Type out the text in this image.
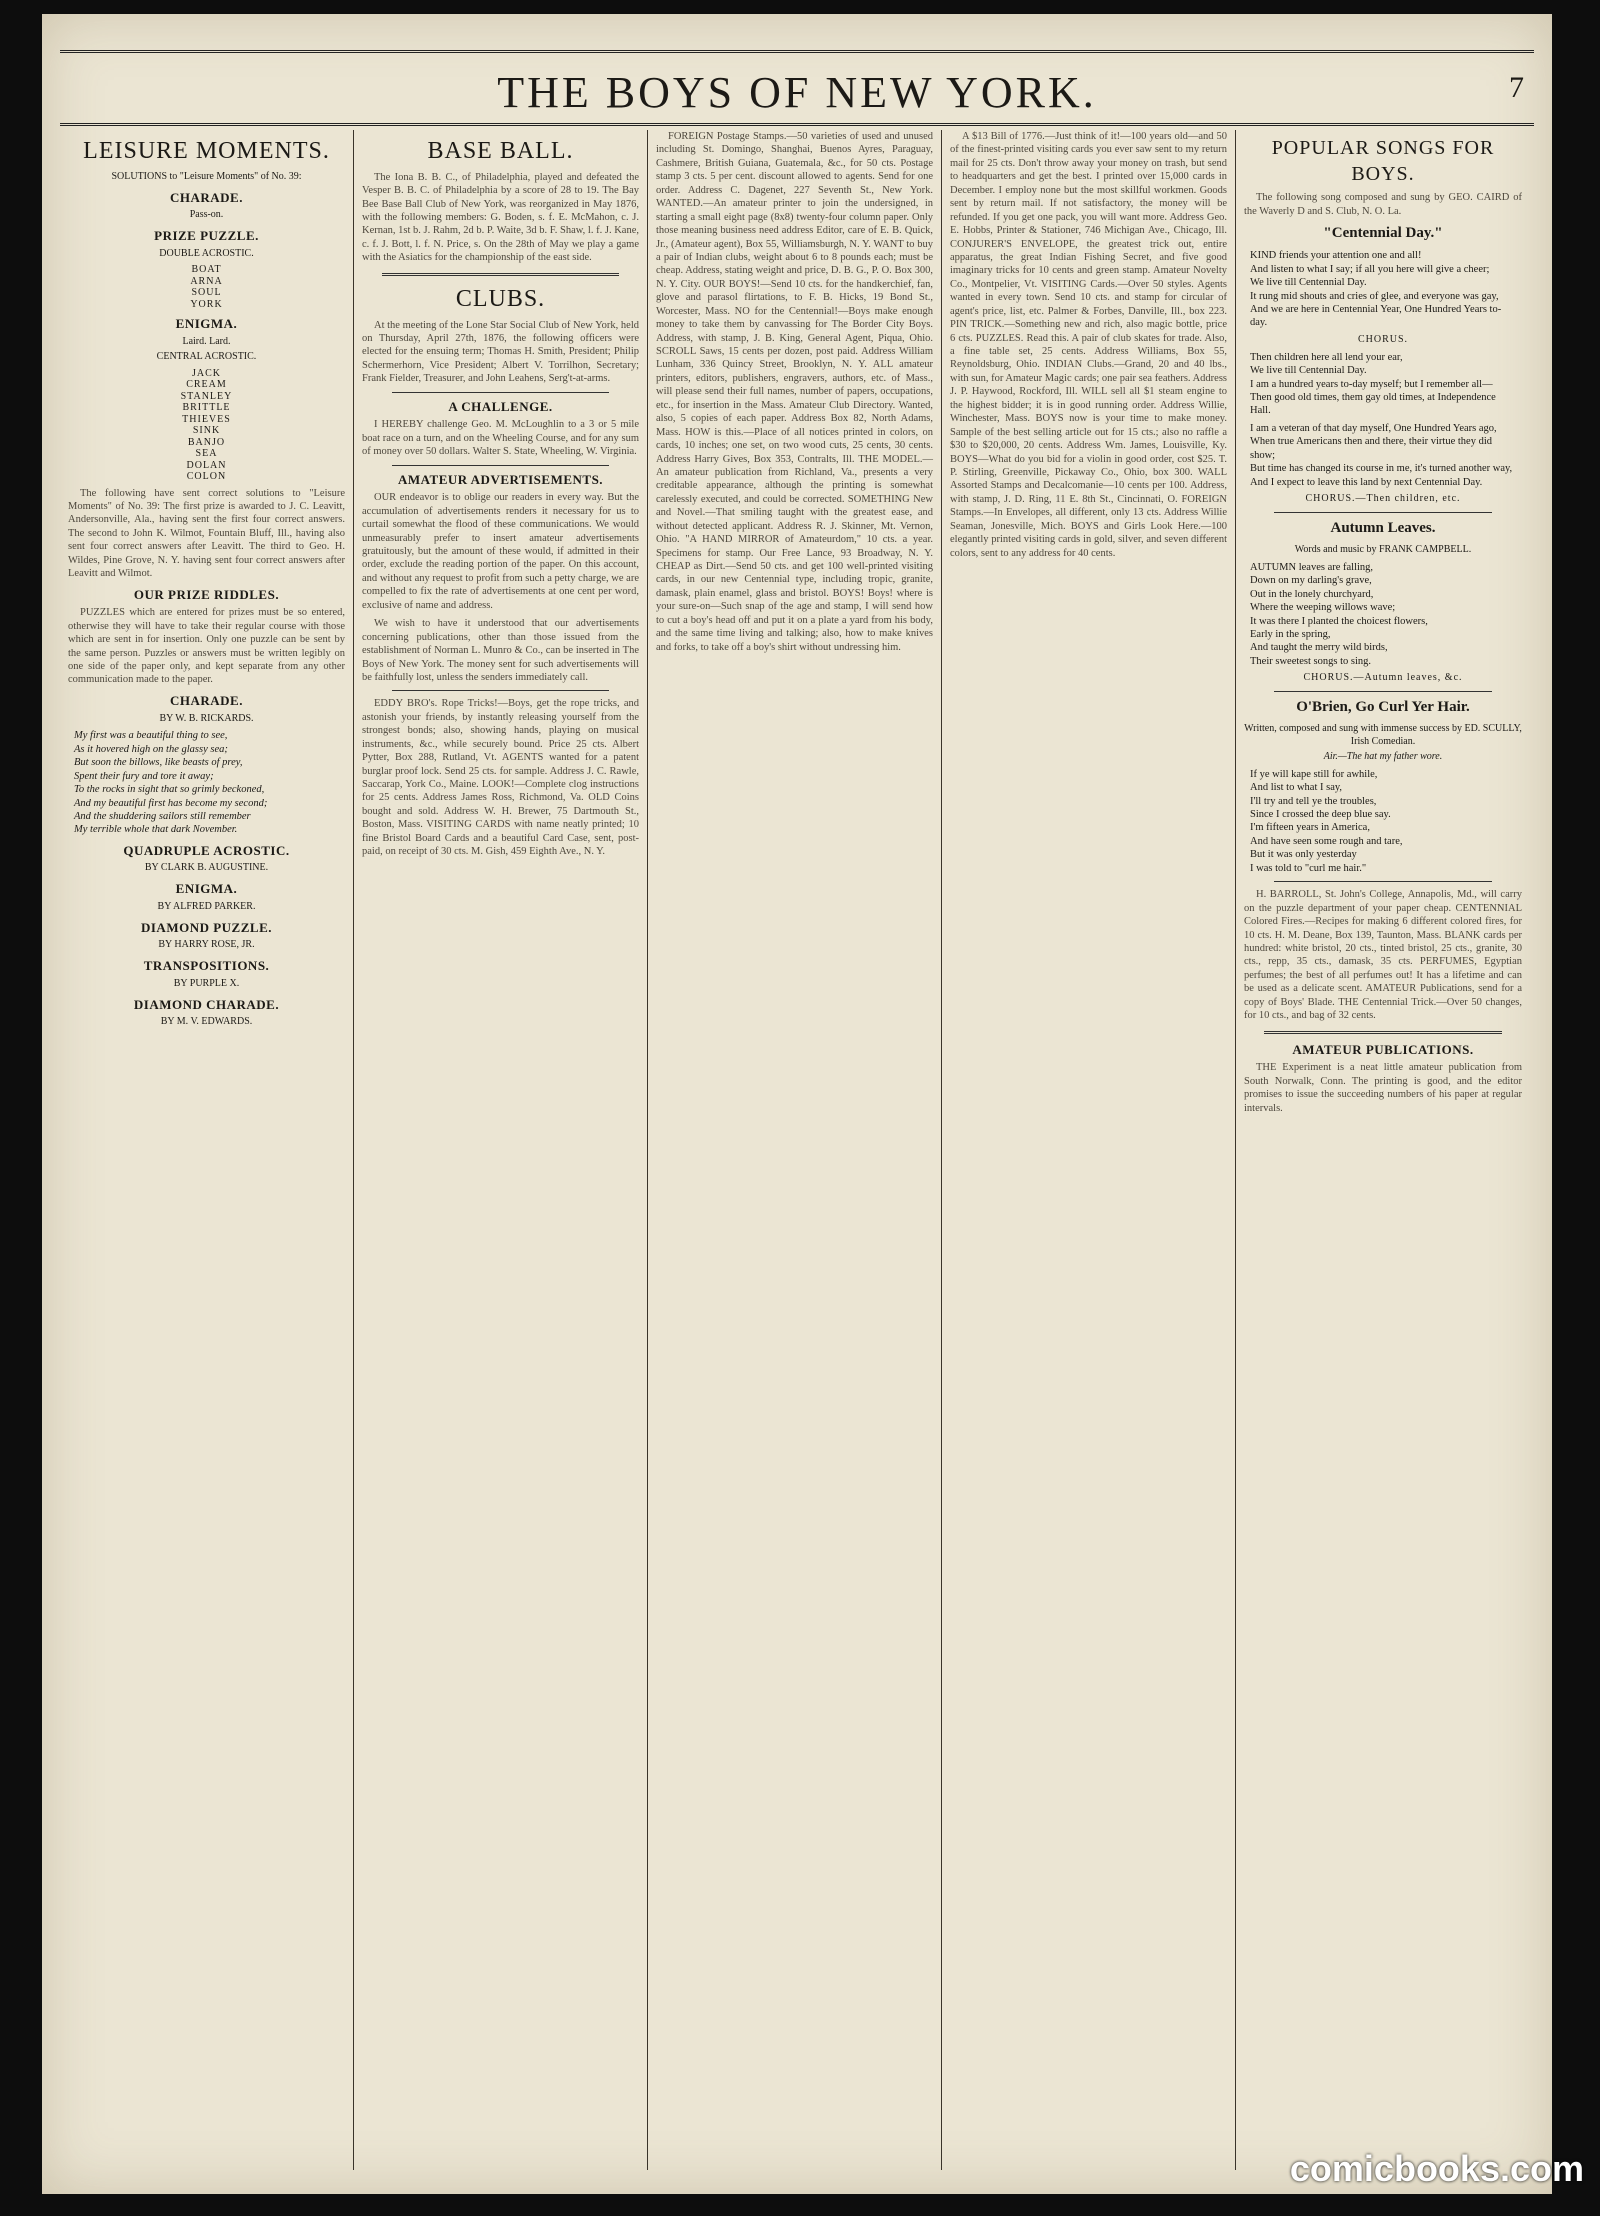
THE BOYS OF NEW YORK.	7
LEISURE MOMENTS.
SOLUTIONS to "Leisure Moments" of No. 39:
CHARADE.
Pass-on.
PRIZE PUZZLE.
DOUBLE ACROSTIC.
BOAT
ARNA
SOUL
YORK
ENIGMA.
Laird. Lard.
CENTRAL ACROSTIC.
JACK
CREAM
STANLEY
BRITTLE
THIEVES
SINK
BANJO
SEA
DOLAN
COLON

The following have sent correct solutions to "Leisure Moments" of No. 39: The first prize is awarded to J. C. Leavitt, Andersonville, Ala., having sent the first four correct answers. The second to John K. Wilmot, Fountain Bluff, Ill., having also sent four correct answers after Leavitt. The third to Geo. H. Wildes, Pine Grove, N. Y. having sent four correct answers after Leavitt and Wilmot.

OUR PRIZE RIDDLES.

PUZZLES which are entered for prizes must be so entered, otherwise they will have to take their regular course with those which are sent in for insertion. Only one puzzle can be sent by the same person. Puzzles or answers must be written legibly on one side of the paper only, and kept separate from any other communication made to the paper.

CHARADE.
BY W. B. RICKARDS.
My first was a beautiful thing to see,
As it hovered high on the glassy sea;
But soon the billows, like beasts of prey,
Spent their fury and tore it away;
To the rocks in sight that so grimly beckoned,
And my beautiful first has become my second;
And the shuddering sailors still remember
My terrible whole that dark November.
QUADRUPLE ACROSTIC.
BY CLARK B. AUGUSTINE.
ENIGMA.
BY ALFRED PARKER.
DIAMOND PUZZLE.
BY HARRY ROSE, JR.
TRANSPOSITIONS.
BY PURPLE X.
DIAMOND CHARADE.
BY M. V. EDWARDS.
BASE BALL.

The Iona B. B. C., of Philadelphia, played and defeated the Vesper B. B. C. of Philadelphia by a score of 28 to 19. The Bay Bee Base Ball Club of New York, was reorganized in May 1876, with the following members: G. Boden, s. f. E. McMahon, c. J. Kernan, 1st b. J. Rahm, 2d b. P. Waite, 3d b. F. Shaw, l. f. J. Kane, c. f. J. Bott, l. f. N. Price, s. On the 28th of May we play a game with the Asiatics for the championship of the east side.

CLUBS.

At the meeting of the Lone Star Social Club of New York, held on Thursday, April 27th, 1876, the following officers were elected for the ensuing term; Thomas H. Smith, President; Philip Schermerhorn, Vice President; Albert V. Torrilhon, Secretary; Frank Fielder, Treasurer, and John Leahens, Serg't-at-arms.

A CHALLENGE.

I HEREBY challenge Geo. M. McLoughlin to a 3 or 5 mile boat race on a turn, and on the Wheeling Course, and for any sum of money over 50 dollars. Walter S. State, Wheeling, W. Virginia.

AMATEUR ADVERTISEMENTS.

OUR endeavor is to oblige our readers in every way. But the accumulation of advertisements renders it necessary for us to curtail somewhat the flood of these communications. We would unmeasurably prefer to insert amateur advertisements gratuitously, but the amount of these would, if admitted in their order, exclude the reading portion of the paper. On this account, and without any request to profit from such a petty charge, we are compelled to fix the rate of advertisements at one cent per word, exclusive of name and address.

We wish to have it understood that our advertisements concerning publications, other than those issued from the establishment of Norman L. Munro & Co., can be inserted in The Boys of New York. The money sent for such advertisements will be faithfully lost, unless the senders immediately call.

EDDY BRO's. Rope Tricks!—Boys, get the rope tricks, and astonish your friends, by instantly releasing yourself from the strongest bonds; also, showing hands, playing on musical instruments, &c., while securely bound. Price 25 cts. Albert Pytter, Box 288, Rutland, Vt. AGENTS wanted for a patent burglar proof lock. Send 25 cts. for sample. Address J. C. Rawle, Saccarap, York Co., Maine. LOOK!—Complete clog instructions for 25 cents. Address James Ross, Richmond, Va. OLD Coins bought and sold. Address W. H. Brewer, 75 Dartmouth St., Boston, Mass. VISITING CARDS with name neatly printed; 10 fine Bristol Board Cards and a beautiful Card Case, sent, post-paid, on receipt of 30 cts. M. Gish, 459 Eighth Ave., N. Y.

FOREIGN Postage Stamps.—50 varieties of used and unused including St. Domingo, Shanghai, Buenos Ayres, Paraguay, Cashmere, British Guiana, Guatemala, &c., for 50 cts. Postage stamp 3 cts. 5 per cent. discount allowed to agents. Send for one order. Address C. Dagenet, 227 Seventh St., New York. WANTED.—An amateur printer to join the undersigned, in starting a small eight page (8x8) twenty-four column paper. Only those meaning business need address Editor, care of E. B. Quick, Jr., (Amateur agent), Box 55, Williamsburgh, N. Y. WANT to buy a pair of Indian clubs, weight about 6 to 8 pounds each; must be cheap. Address, stating weight and price, D. B. G., P. O. Box 300, N. Y. City. OUR BOYS!—Send 10 cts. for the handkerchief, fan, glove and parasol flirtations, to F. B. Hicks, 19 Bond St., Worcester, Mass. NO for the Centennial!—Boys make enough money to take them by canvassing for The Border City Boys. Address, with stamp, J. B. King, General Agent, Piqua, Ohio. SCROLL Saws, 15 cents per dozen, post paid. Address William Lunham, 336 Quincy Street, Brooklyn, N. Y. ALL amateur printers, editors, publishers, engravers, authors, etc. of Mass., will please send their full names, number of papers, occupations, etc., for insertion in the Mass. Amateur Club Directory. Wanted, also, 5 copies of each paper. Address Box 82, North Adams, Mass. HOW is this.—Place of all notices printed in colors, on cards, 10 inches; one set, on two wood cuts, 25 cents, 30 cents. Address Harry Gives, Box 353, Contralts, Ill. THE MODEL.—An amateur publication from Richland, Va., presents a very creditable appearance, although the printing is somewhat carelessly executed, and could be corrected. SOMETHING New and Novel.—That smiling taught with the greatest ease, and without detected applicant. Address R. J. Skinner, Mt. Vernon, Ohio. "A HAND MIRROR of Amateurdom," 10 cts. a year. Specimens for stamp. Our Free Lance, 93 Broadway, N. Y. CHEAP as Dirt.—Send 50 cts. and get 100 well-printed visiting cards, in our new Centennial type, including tropic, granite, damask, plain enamel, glass and bristol. BOYS! Boys! where is your sure-on—Such snap of the age and stamp, I will send how to cut a boy's head off and put it on a plate a yard from his body, and the same time living and talking; also, how to make knives and forks, to take off a boy's shirt without undressing him.

A $13 Bill of 1776.—Just think of it!—100 years old—and 50 of the finest-printed visiting cards you ever saw sent to my return mail for 25 cts. Don't throw away your money on trash, but send to headquarters and get the best. I printed over 15,000 cards in December. I employ none but the most skillful workmen. Goods sent by return mail. If not satisfactory, the money will be refunded. If you get one pack, you will want more. Address Geo. E. Hobbs, Printer & Stationer, 746 Michigan Ave., Chicago, Ill. CONJURER'S ENVELOPE, the greatest trick out, entire apparatus, the great Indian Fishing Secret, and five good imaginary tricks for 10 cents and green stamp. Amateur Novelty Co., Montpelier, Vt. VISITING Cards.—Over 50 styles. Agents wanted in every town. Send 10 cts. and stamp for circular of agent's price, list, etc. Palmer & Forbes, Danville, Ill., box 223. PIN TRICK.—Something new and rich, also magic bottle, price 6 cts. PUZZLES. Read this. A pair of club skates for trade. Also, a fine table set, 25 cents. Address Williams, Box 55, Reynoldsburg, Ohio. INDIAN Clubs.—Grand, 20 and 40 lbs., with sun, for Amateur Magic cards; one pair sea feathers. Address J. P. Haywood, Rockford, Ill. WILL sell all $1 steam engine to the highest bidder; it is in good running order. Address Willie, Winchester, Mass. BOYS now is your time to make money. Sample of the best selling article out for 15 cts.; also no raffle a $30 to $20,000, 20 cents. Address Wm. James, Louisville, Ky. BOYS—What do you bid for a violin in good order, cost $25. T. P. Stirling, Greenville, Pickaway Co., Ohio, box 300. WALL Assorted Stamps and Decalcomanie—10 cents per 100. Address, with stamp, J. D. Ring, 11 E. 8th St., Cincinnati, O. FOREIGN Stamps.—In Envelopes, all different, only 13 cts. Address Willie Seaman, Jonesville, Mich. BOYS and Girls Look Here.—100 elegantly printed visiting cards in gold, silver, and seven different colors, sent to any address for 40 cents.

POPULAR SONGS FOR BOYS.

The following song composed and sung by GEO. CAIRD of the Waverly D and S. Club, N. O. La.

"Centennial Day."
KIND friends your attention one and all!
And listen to what I say; if all you here will give a cheer;
We live till Centennial Day.
It rung mid shouts and cries of glee, and everyone was gay,
And we are here in Centennial Year, One Hundred Years to-day.
CHORUS.
Then children here all lend your ear,
We live till Centennial Day.
I am a hundred years to-day myself; but I remember all—
Then good old times, them gay old times, at Independence Hall.
I am a veteran of that day myself, One Hundred Years ago,
When true Americans then and there, their virtue they did show;
But time has changed its course in me, it's turned another way,
And I expect to leave this land by next Centennial Day.
CHORUS.—Then children, etc.
Autumn Leaves.
Words and music by FRANK CAMPBELL.
AUTUMN leaves are falling,
Down on my darling's grave,
Out in the lonely churchyard,
Where the weeping willows wave;
It was there I planted the choicest flowers,
Early in the spring,
And taught the merry wild birds,
Their sweetest songs to sing.
CHORUS.—Autumn leaves, &c.
O'Brien, Go Curl Yer Hair.
Written, composed and sung with immense success by ED. SCULLY, Irish Comedian.
Air.—The hat my father wore.
If ye will kape still for awhile,
And list to what I say,
I'll try and tell ye the troubles,
Since I crossed the deep blue say.
I'm fifteen years in America,
And have seen some rough and tare,
But it was only yesterday
I was told to "curl me hair."

H. BARROLL, St. John's College, Annapolis, Md., will carry on the puzzle department of your paper cheap. CENTENNIAL Colored Fires.—Recipes for making 6 different colored fires, for 10 cts. H. M. Deane, Box 139, Taunton, Mass. BLANK cards per hundred: white bristol, 20 cts., tinted bristol, 25 cts., granite, 30 cts., repp, 35 cts., damask, 35 cts. PERFUMES, Egyptian perfumes; the best of all perfumes out! It has a lifetime and can be used as a delicate scent. AMATEUR Publications, send for a copy of Boys' Blade. THE Centennial Trick.—Over 50 changes, for 10 cts., and bag of 32 cents.

AMATEUR PUBLICATIONS.

THE Experiment is a neat little amateur publication from South Norwalk, Conn. The printing is good, and the editor promises to issue the succeeding numbers of his paper at regular intervals.

comicbooks.com
